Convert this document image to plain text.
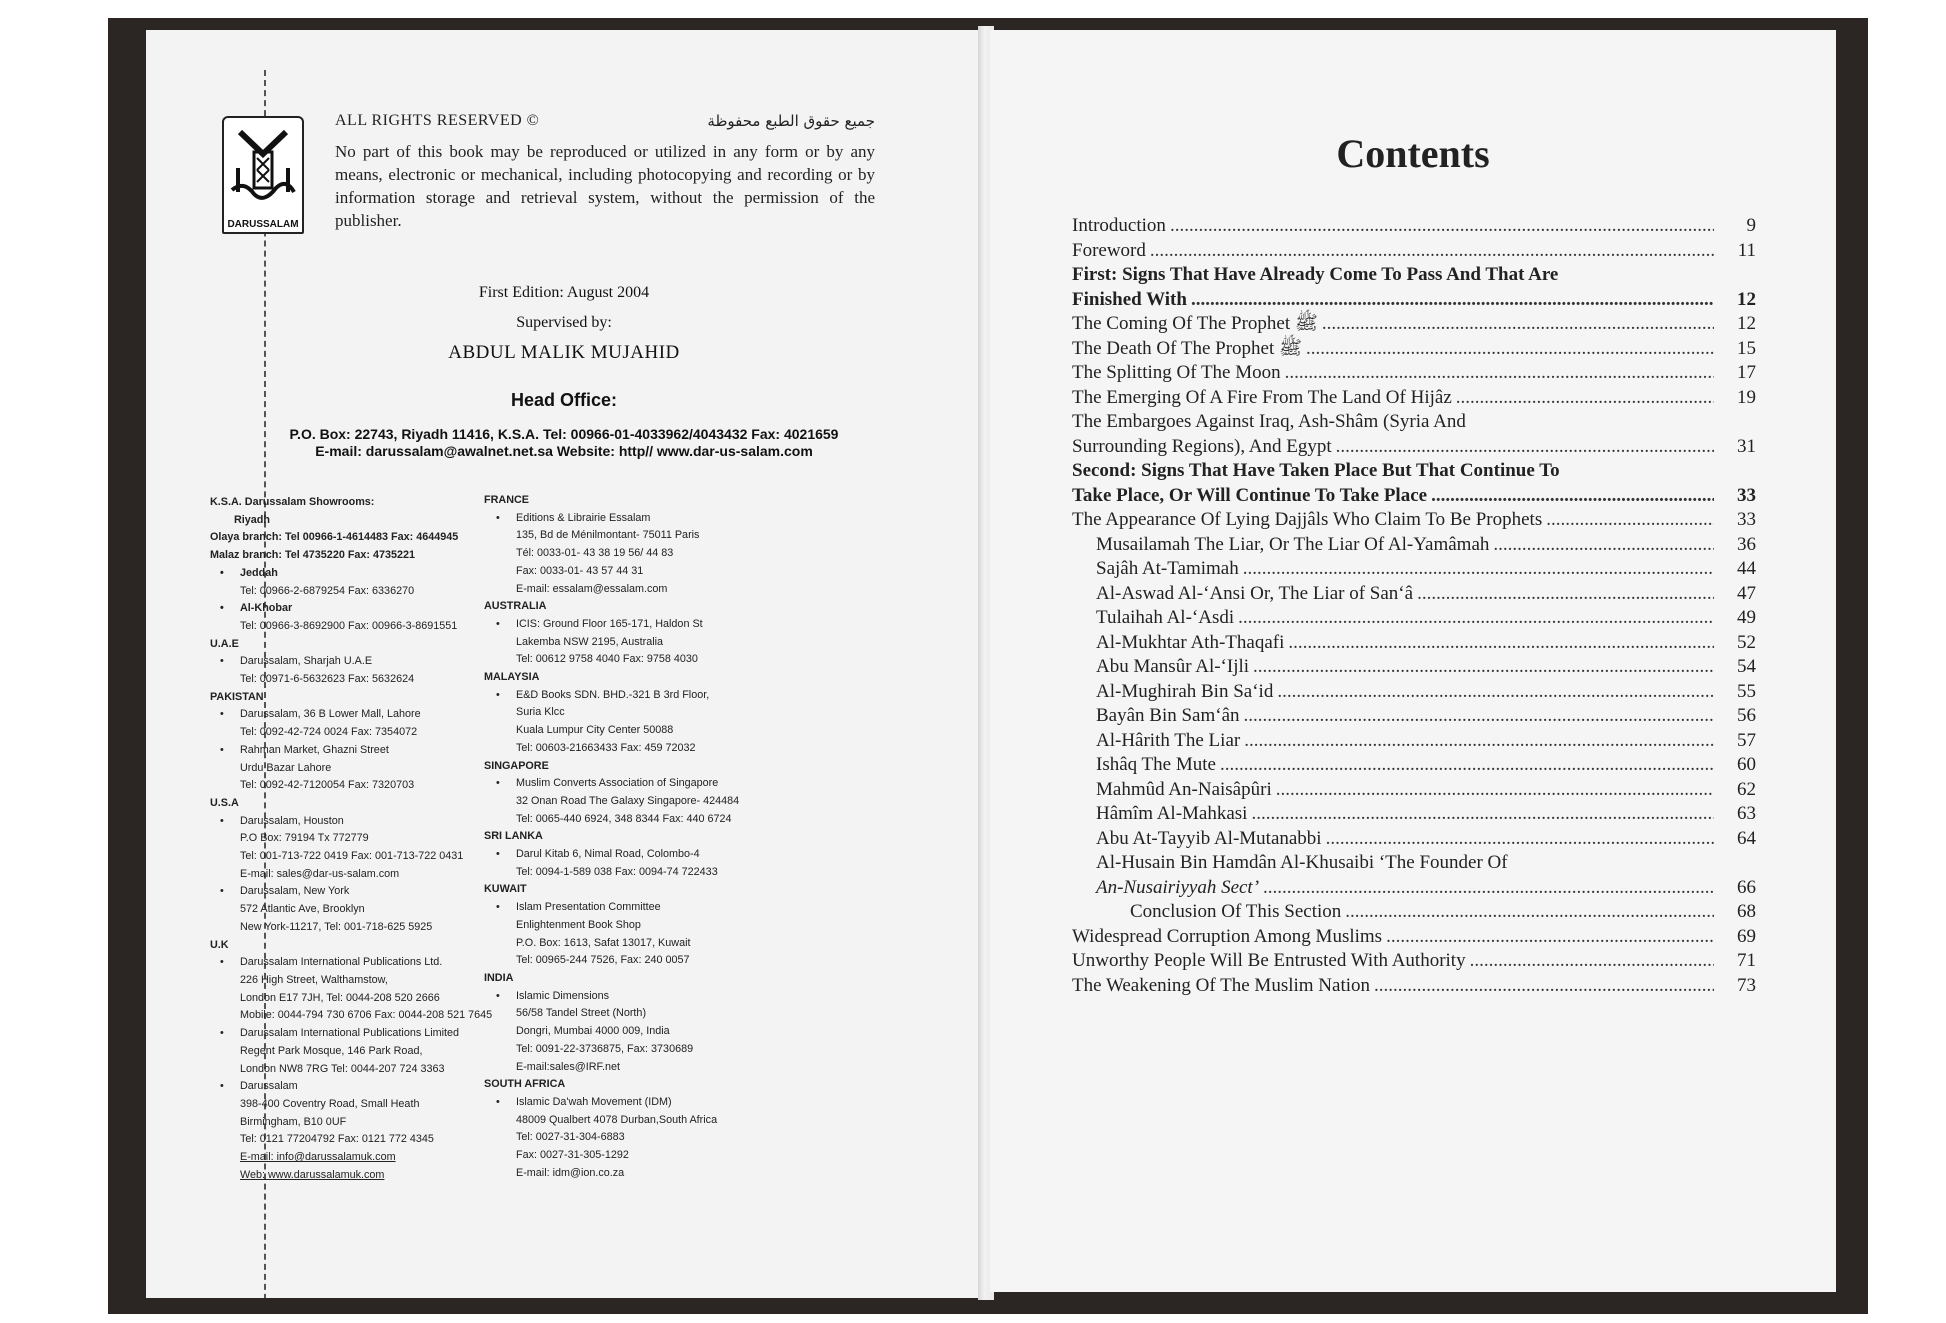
DARUSSALAM
ALL RIGHTS RESERVED ©	جميع حقوق الطبع محفوظة
No part of this book may be reproduced or utilized in any form or by any means, electronic or mechanical, including photocopying and recording or by information storage and retrieval system, without the permission of the publisher.
First Edition: August 2004
Supervised by:
ABDUL MALIK MUJAHID
Head Office:
P.O. Box: 22743, Riyadh 11416, K.S.A. Tel: 00966-01-4033962/4043432 Fax: 4021659
E-mail: darussalam@awalnet.net.sa Website: http// www.dar-us-salam.com
K.S.A. Darussalam Showrooms:
Riyadh
Olaya branch: Tel 00966-1-4614483 Fax: 4644945
Malaz branch: Tel 4735220 Fax: 4735221
• Jeddah
Tel: 00966-2-6879254 Fax: 6336270
• Al-Khobar
Tel: 00966-3-8692900 Fax: 00966-3-8691551
U.A.E
• Darussalam, Sharjah U.A.E
Tel: 00971-6-5632623 Fax: 5632624
PAKISTAN
• Darussalam, 36 B Lower Mall, Lahore
Tel: 0092-42-724 0024 Fax: 7354072
• Rahman Market, Ghazni Street
Urdu Bazar Lahore
Tel: 0092-42-7120054 Fax: 7320703
U.S.A
• Darussalam, Houston
P.O Box: 79194 Tx 772779
Tel: 001-713-722 0419 Fax: 001-713-722 0431
E-mail: sales@dar-us-salam.com
• Darussalam, New York
572 Atlantic Ave, Brooklyn
New York-11217, Tel: 001-718-625 5925
U.K
• Darussalam International Publications Ltd.
226 High Street, Walthamstow,
London E17 7JH, Tel: 0044-208 520 2666
Mobile: 0044-794 730 6706 Fax: 0044-208 521 7645
• Darussalam International Publications Limited
Regent Park Mosque, 146 Park Road,
London NW8 7RG Tel: 0044-207 724 3363
• Darussalam
398-400 Coventry Road, Small Heath
Birmingham, B10 0UF
Tel: 0121 77204792 Fax: 0121 772 4345
E-mail: info@darussalamuk.com
Web: www.darussalamuk.com
FRANCE
• Editions & Librairie Essalam
135, Bd de Ménilmontant- 75011 Paris
Tél: 0033-01- 43 38 19 56/ 44 83
Fax: 0033-01- 43 57 44 31
E-mail: essalam@essalam.com
AUSTRALIA
• ICIS: Ground Floor 165-171, Haldon St
Lakemba NSW 2195, Australia
Tel: 00612 9758 4040 Fax: 9758 4030
MALAYSIA
• E&D Books SDN. BHD.-321 B 3rd Floor,
Suria Klcc
Kuala Lumpur City Center 50088
Tel: 00603-21663433 Fax: 459 72032
SINGAPORE
• Muslim Converts Association of Singapore
32 Onan Road The Galaxy Singapore- 424484
Tel: 0065-440 6924, 348 8344 Fax: 440 6724
SRI LANKA
• Darul Kitab 6, Nimal Road, Colombo-4
Tel: 0094-1-589 038 Fax: 0094-74 722433
KUWAIT
• Islam Presentation Committee
Enlightenment Book Shop
P.O. Box: 1613, Safat 13017, Kuwait
Tel: 00965-244 7526, Fax: 240 0057
INDIA
• Islamic Dimensions
56/58 Tandel Street (North)
Dongri, Mumbai 4000 009, India
Tel: 0091-22-3736875, Fax: 3730689
E-mail:sales@IRF.net
SOUTH AFRICA
• Islamic Da'wah Movement (IDM)
48009 Qualbert 4078 Durban,South Africa
Tel: 0027-31-304-6883
Fax: 0027-31-305-1292
E-mail: idm@ion.co.za
Contents
Introduction .....	9
Foreword .....	11
First: Signs That Have Already Come To Pass And That Are
Finished With .....	12
The Coming Of The Prophet ﷺ .....	12
The Death Of The Prophet ﷺ .....	15
The Splitting Of The Moon .....	17
The Emerging Of A Fire From The Land Of Hijâz .....	19
The Embargoes Against Iraq, Ash-Shâm (Syria And
Surrounding Regions), And Egypt .....	31
Second: Signs That Have Taken Place But That Continue To
Take Place, Or Will Continue To Take Place .....	33
The Appearance Of Lying Dajjâls Who Claim To Be Prophets .....	33
Musailamah The Liar, Or The Liar Of Al-Yamâmah .....	36
Sajâh At-Tamimah .....	44
Al-Aswad Al-‘Ansi Or, The Liar of San‘â .....	47
Tulaihah Al-‘Asdi .....	49
Al-Mukhtar Ath-Thaqafi .....	52
Abu Mansûr Al-‘Ijli .....	54
Al-Mughirah Bin Sa‘id .....	55
Bayân Bin Sam‘ân .....	56
Al-Hârith The Liar .....	57
Ishâq The Mute .....	60
Mahmûd An-Naisâpûri .....	62
Hâmîm Al-Mahkasi .....	63
Abu At-Tayyib Al-Mutanabbi .....	64
Al-Husain Bin Hamdân Al-Khusaibi ‘The Founder Of
An-Nusairiyyah Sect’ .....	66
Conclusion Of This Section .....	68
Widespread Corruption Among Muslims .....	69
Unworthy People Will Be Entrusted With Authority .....	71
The Weakening Of The Muslim Nation .....	73
